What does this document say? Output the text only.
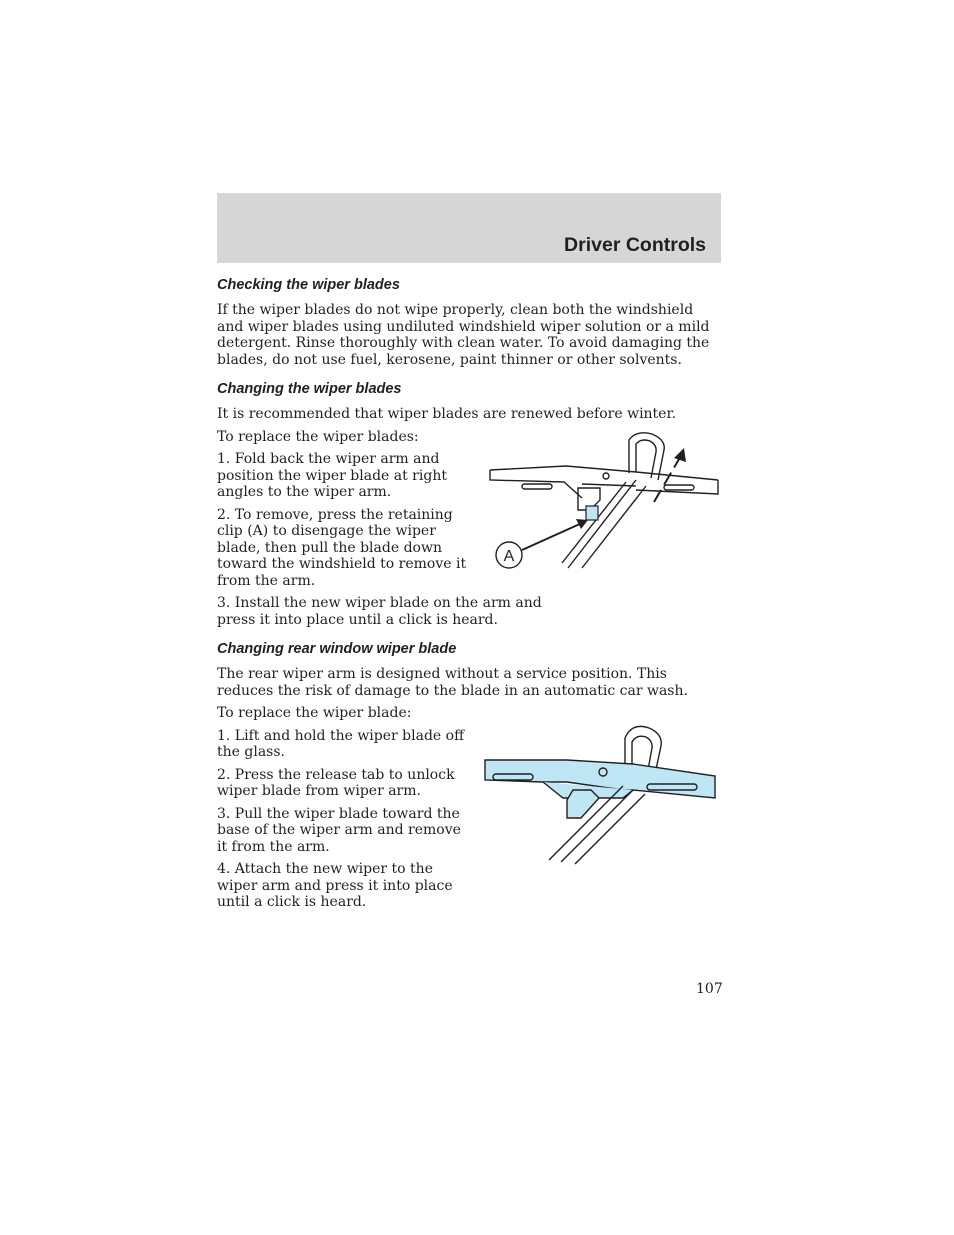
Driver Controls
Checking the wiper blades

If the wiper blades do not wipe properly, clean both the windshield and wiper blades using undiluted windshield wiper solution or a mild detergent. Rinse thoroughly with clean water. To avoid damaging the blades, do not use fuel, kerosene, paint thinner or other solvents.

Changing the wiper blades

It is recommended that wiper blades are renewed before winter.

To replace the wiper blades:

1. Fold back the wiper arm and position the wiper blade at right angles to the wiper arm.

2. To remove, press the retaining clip (A) to disengage the wiper blade, then pull the blade down toward the windshield to remove it from the arm.

3. Install the new wiper blade on the arm and press it into place until a click is heard.

Changing rear window wiper blade

The rear wiper arm is designed without a service position. This reduces the risk of damage to the blade in an automatic car wash.

To replace the wiper blade:

1. Lift and hold the wiper blade off the glass.

2. Press the release tab to unlock wiper blade from wiper arm.

3. Pull the wiper blade toward the base of the wiper arm and remove it from the arm.

4. Attach the new wiper to the wiper arm and press it into place until a click is heard.

A
107
